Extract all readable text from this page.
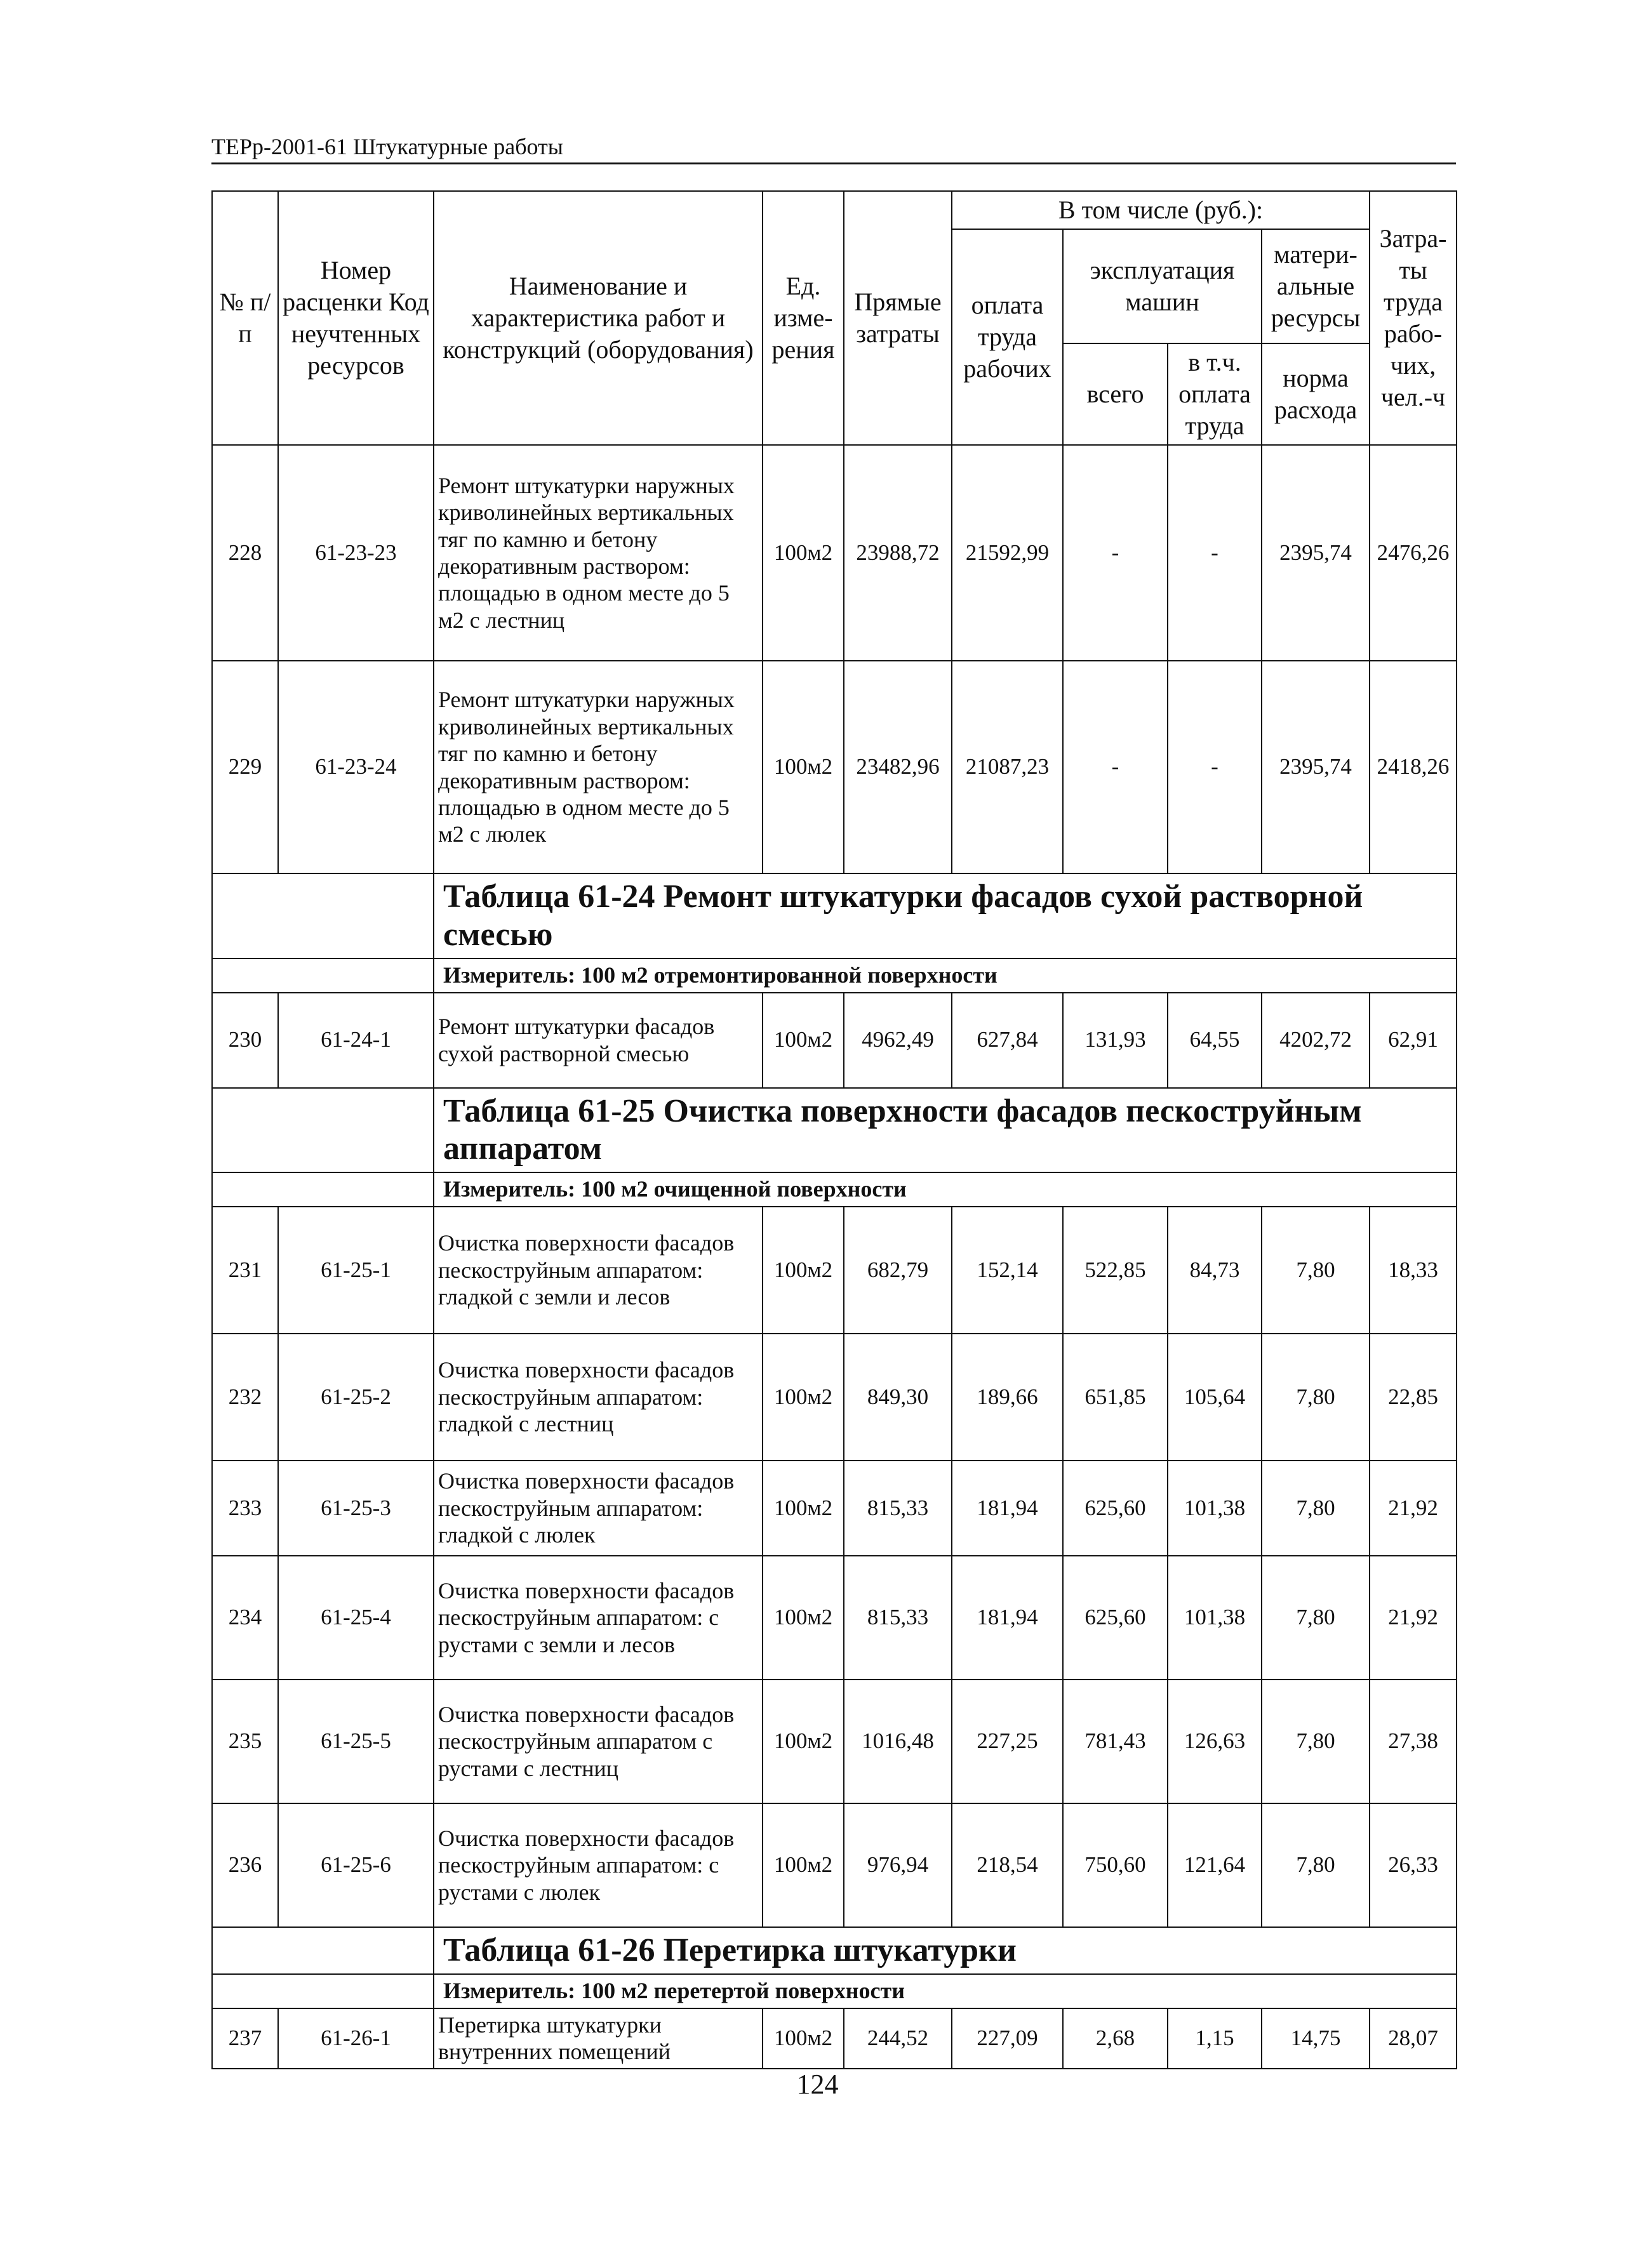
ТЕРр-2001-61 Штукатурные работы
№ п/п	Номер расценки Код неучтенных ресурсов	Наименование и характеристика работ и конструкций (оборудования)	Ед. изме-рения	Прямые затраты	В том числе (руб.):				Затра-ты труда рабо-чих, чел.-ч
					оплата труда рабочих	эксплуатация машин		матери-альные ресурсы	
						всего	в т.ч. оплата труда	норма расхода	
228	61-23-23	Ремонт штукатурки наружных криволинейных вертикальных тяг по камню и бетону декоративным раствором: площадью в одном месте до 5 м2 с лестниц	100м2	23988,72	21592,99	-	-	2395,74	2476,26
229	61-23-24	Ремонт штукатурки наружных криволинейных вертикальных тяг по камню и бетону декоративным раствором: площадью в одном месте до 5 м2 с люлек	100м2	23482,96	21087,23	-	-	2395,74	2418,26
		Таблица 61-24 Ремонт штукатурки фасадов сухой растворной смесью							
		Измеритель: 100 м2 отремонтированной поверхности							
230	61-24-1	Ремонт штукатурки фасадов сухой растворной смесью	100м2	4962,49	627,84	131,93	64,55	4202,72	62,91
		Таблица 61-25 Очистка поверхности фасадов пескоструйным аппаратом							
		Измеритель: 100 м2 очищенной поверхности							
231	61-25-1	Очистка поверхности фасадов пескоструйным аппаратом: гладкой с земли и лесов	100м2	682,79	152,14	522,85	84,73	7,80	18,33
232	61-25-2	Очистка поверхности фасадов пескоструйным аппаратом: гладкой с лестниц	100м2	849,30	189,66	651,85	105,64	7,80	22,85
233	61-25-3	Очистка поверхности фасадов пескоструйным аппаратом: гладкой с люлек	100м2	815,33	181,94	625,60	101,38	7,80	21,92
234	61-25-4	Очистка поверхности фасадов пескоструйным аппаратом: с рустами с земли и лесов	100м2	815,33	181,94	625,60	101,38	7,80	21,92
235	61-25-5	Очистка поверхности фасадов пескоструйным аппаратом с рустами с лестниц	100м2	1016,48	227,25	781,43	126,63	7,80	27,38
236	61-25-6	Очистка поверхности фасадов пескоструйным аппаратом: с рустами с люлек	100м2	976,94	218,54	750,60	121,64	7,80	26,33
		Таблица 61-26 Перетирка штукатурки							
		Измеритель: 100 м2 перетертой поверхности							
237	61-26-1	Перетирка штукатурки внутренних помещений	100м2	244,52	227,09	2,68	1,15	14,75	28,07
124
